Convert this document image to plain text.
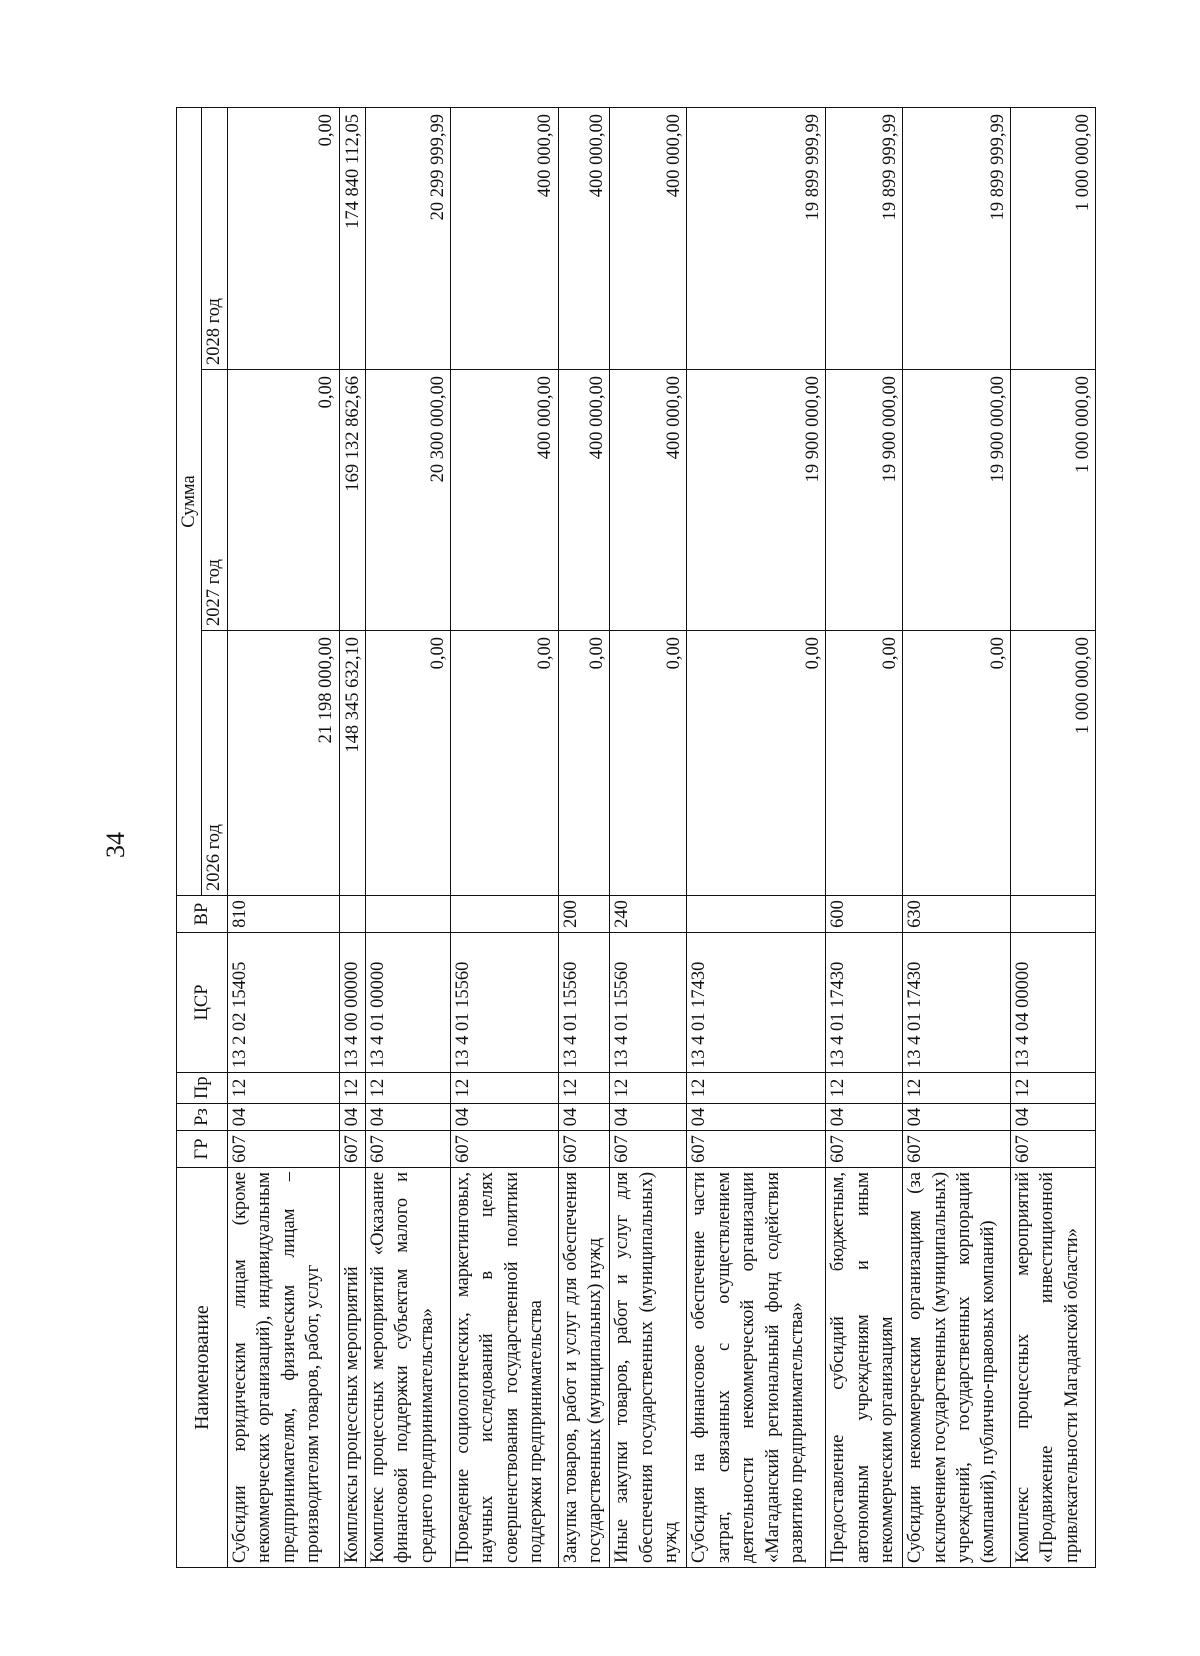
34
Наименование	ГР	Рз	Пр	ЦСР	ВР	Сумма		
						2026 год	2027 год	2028 год
Субсидии юридическим лицам (кроме некоммерческих организаций), индивидуальным предпринимателям, физическим лицам – производителям товаров, работ, услуг	607	04	12	13 2 02 15405	810	21 198 000,00	0,00	0,00
Комплексы процессных мероприятий	607	04	12	13 4 00 00000		148 345 632,10	169 132 862,66	174 840 112,05
Комплекс процессных мероприятий «Оказание финансовой поддержки субъектам малого и среднего предпринимательства»	607	04	12	13 4 01 00000		0,00	20 300 000,00	20 299 999,99
Проведение социологических, маркетинговых, научных исследований в целях совершенствования государственной политики поддержки предпринимательства	607	04	12	13 4 01 15560		0,00	400 000,00	400 000,00
Закупка товаров, работ и услуг для обеспечения государственных (муниципальных) нужд	607	04	12	13 4 01 15560	200	0,00	400 000,00	400 000,00
Иные закупки товаров, работ и услуг для обеспечения государственных (муниципальных) нужд	607	04	12	13 4 01 15560	240	0,00	400 000,00	400 000,00
Субсидия на финансовое обеспечение части затрат, связанных с осуществлением деятельности некоммерческой организации «Магаданский региональный фонд содействия развитию предпринимательства»	607	04	12	13 4 01 17430		0,00	19 900 000,00	19 899 999,99
Предоставление субсидий бюджетным, автономным учреждениям и иным некоммерческим организациям	607	04	12	13 4 01 17430	600	0,00	19 900 000,00	19 899 999,99
Субсидии некоммерческим организациям (за исключением государственных (муниципальных) учреждений, государственных корпораций (компаний), публично-правовых компаний)	607	04	12	13 4 01 17430	630	0,00	19 900 000,00	19 899 999,99
Комплекс процессных мероприятий «Продвижение инвестиционной привлекательности Магаданской области»	607	04	12	13 4 04 00000		1 000 000,00	1 000 000,00	1 000 000,00
